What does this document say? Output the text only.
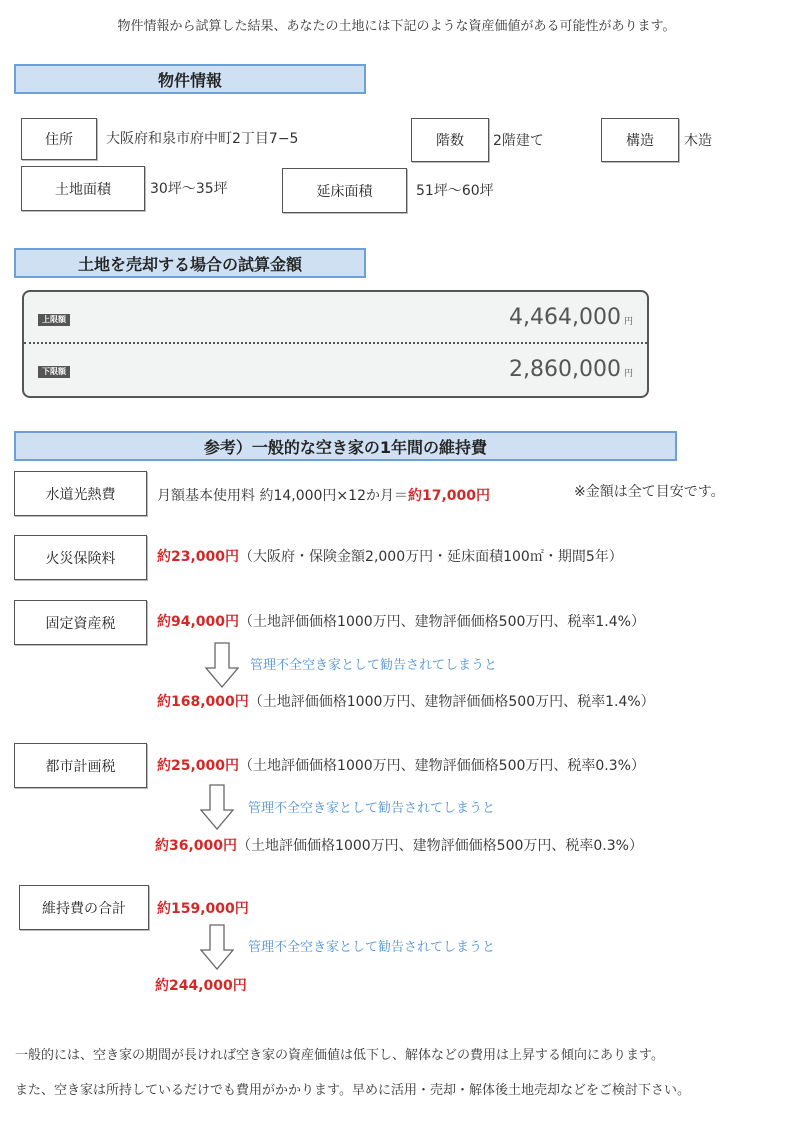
物件情報から試算した結果、あなたの土地には下記のような資産価値がある可能性があります。
物件情報
住所	大阪府和泉市府中町2丁目7−5	階数	2階建て	構造	木造
土地面積	30坪〜35坪	延床面積	51坪〜60坪
土地を売却する場合の試算金額
上限額	4,464,000 円
下限額	2,860,000 円
参考）一般的な空き家の1年間の維持費
※金額は全て目安です。
水道光熱費	月額基本使用料 約14,000円×12か月＝約17,000円
火災保険料	約23,000円（大阪府・保険金額2,000万円・延床面積100㎡・期間5年）
固定資産税	約94,000円（土地評価価格1000万円、建物評価価格500万円、税率1.4%）
管理不全空き家として勧告されてしまうと
約168,000円（土地評価価格1000万円、建物評価価格500万円、税率1.4%）
都市計画税	約25,000円（土地評価価格1000万円、建物評価価格500万円、税率0.3%）
管理不全空き家として勧告されてしまうと
約36,000円（土地評価価格1000万円、建物評価価格500万円、税率0.3%）
維持費の合計	約159,000円
管理不全空き家として勧告されてしまうと
約244,000円
一般的には、空き家の期間が長ければ空き家の資産価値は低下し、解体などの費用は上昇する傾向にあります。
また、空き家は所持しているだけでも費用がかかります。早めに活用・売却・解体後土地売却などをご検討下さい。
